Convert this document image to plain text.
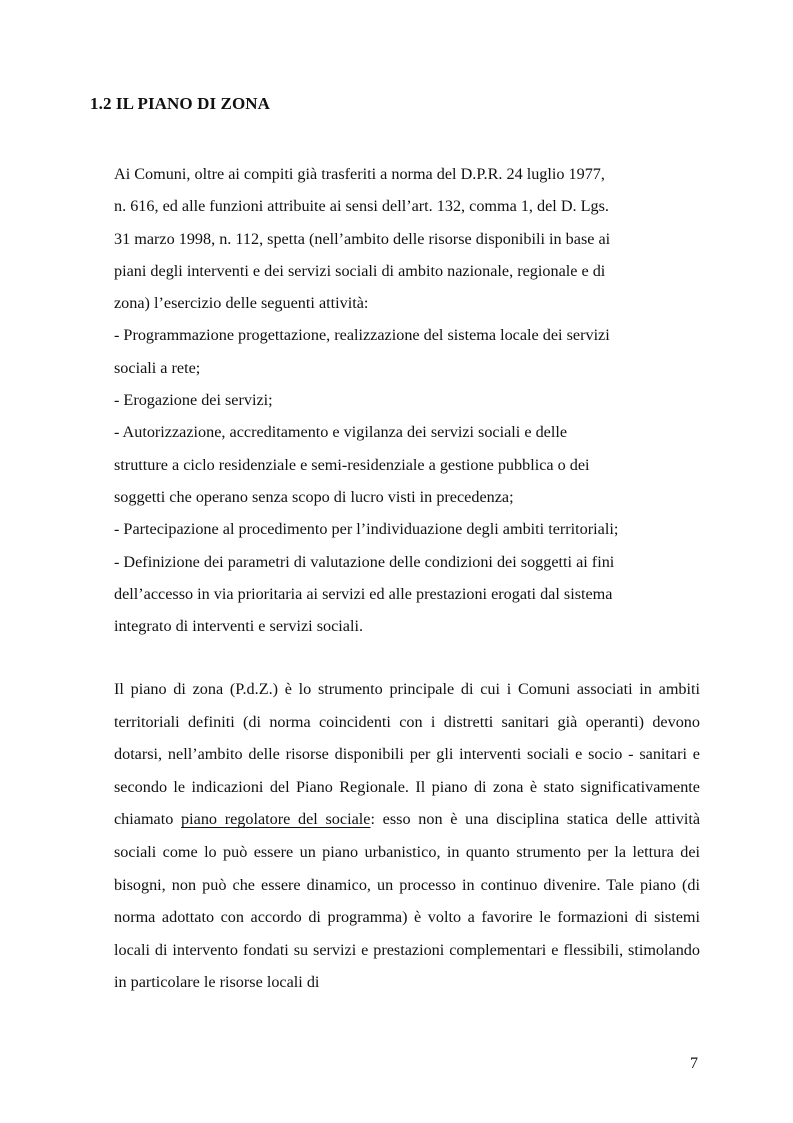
1.2 IL PIANO DI ZONA
Ai Comuni, oltre ai compiti già trasferiti a norma del D.P.R. 24 luglio 1977,
n. 616, ed alle funzioni attribuite ai sensi dell’art. 132, comma 1, del D. Lgs.
31 marzo 1998, n. 112, spetta (nell’ambito delle risorse disponibili in base ai
piani degli interventi e dei servizi sociali di ambito nazionale, regionale e di
zona) l’esercizio delle seguenti attività:
- Programmazione progettazione, realizzazione del sistema locale dei servizi
sociali a rete;
- Erogazione dei servizi;
- Autorizzazione, accreditamento e vigilanza dei servizi sociali e delle
strutture a ciclo residenziale e semi-residenziale a gestione pubblica o dei
soggetti che operano senza scopo di lucro visti in precedenza;
- Partecipazione al procedimento per l’individuazione degli ambiti territoriali;
- Definizione dei parametri di valutazione delle condizioni dei soggetti ai fini
dell’accesso in via prioritaria ai servizi ed alle prestazioni erogati dal sistema
integrato di interventi e servizi sociali.

Il piano di zona (P.d.Z.) è lo strumento principale di cui i Comuni associati in ambiti territoriali definiti (di norma coincidenti con i distretti sanitari già operanti) devono dotarsi, nell’ambito delle risorse disponibili per gli interventi sociali e socio - sanitari e secondo le indicazioni del Piano Regionale. Il piano di zona è stato significativamente chiamato piano regolatore del sociale: esso non è una disciplina statica delle attività sociali come lo può essere un piano urbanistico, in quanto strumento per la lettura dei bisogni, non può che essere dinamico, un processo in continuo divenire. Tale piano (di norma adottato con accordo di programma) è volto a favorire le formazioni di sistemi locali di intervento fondati su servizi e prestazioni complementari e flessibili, stimolando in particolare le risorse locali di

7
